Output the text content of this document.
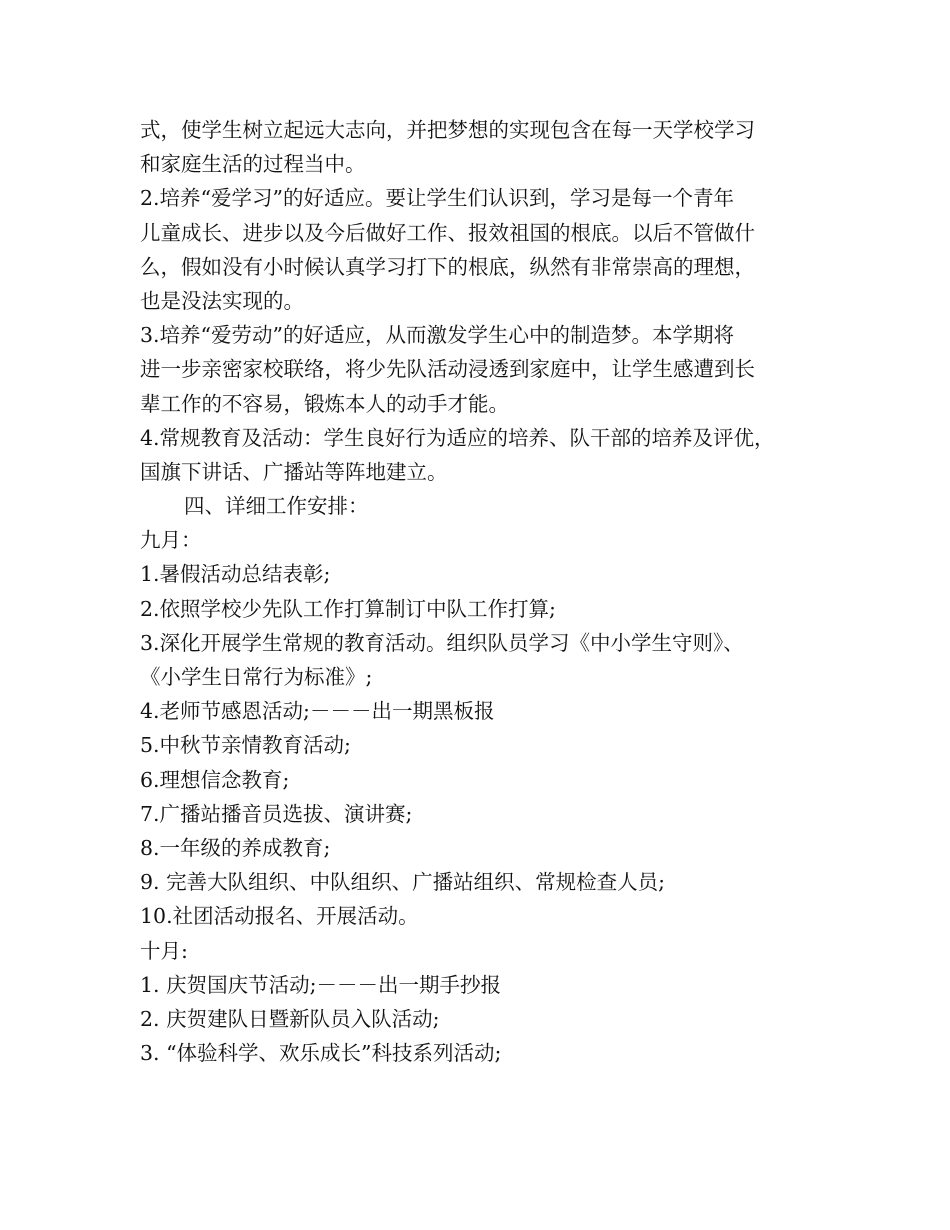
式，使学生树立起远大志向，并把梦想的实现包含在每一天学校学习
和家庭生活的过程当中。
2.培养“爱学习”的好适应。要让学生们认识到，学习是每一个青年
儿童成长、进步以及今后做好工作、报效祖国的根底。以后不管做什
么，假如没有小时候认真学习打下的根底，纵然有非常崇高的理想，
也是没法实现的。
3.培养“爱劳动”的好适应，从而激发学生心中的制造梦。本学期将
进一步亲密家校联络，将少先队活动浸透到家庭中，让学生感遭到长
辈工作的不容易，锻炼本人的动手才能。
4.常规教育及活动：学生良好行为适应的培养、队干部的培养及评优，
国旗下讲话、广播站等阵地建立。
四、详细工作安排：
九月：
1.暑假活动总结表彰;
2.依照学校少先队工作打算制订中队工作打算;
3.深化开展学生常规的教育活动。组织队员学习《中小学生守则》、
《小学生日常行为标准》;
4.老师节感恩活动;－－－出一期黑板报
5.中秋节亲情教育活动;
6.理想信念教育;
7.广播站播音员选拔、演讲赛;
8.一年级的养成教育;
9. 完善大队组织、中队组织、广播站组织、常规检查人员;
10.社团活动报名、开展活动。
十月:
1. 庆贺国庆节活动;－－－出一期手抄报
2. 庆贺建队日暨新队员入队活动;
3. “体验科学、欢乐成长”科技系列活动;
